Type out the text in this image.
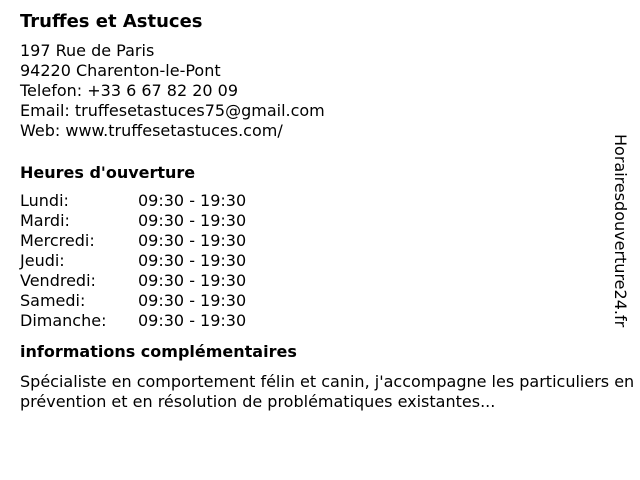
Truffes et Astuces
197 Rue de Paris
94220 Charenton-le-Pont
Telefon: +33 6 67 82 20 09
Email: truffesetastuces75@gmail.com
Web: www.truffesetastuces.com/
Heures d'ouverture
Lundi:	09:30 - 19:30
Mardi:	09:30 - 19:30
Mercredi:	09:30 - 19:30
Jeudi:	09:30 - 19:30
Vendredi:	09:30 - 19:30
Samedi:	09:30 - 19:30
Dimanche:	09:30 - 19:30
informations complémentaires

Spécialiste en comportement félin et canin, j'accompagne les particuliers en prévention et en résolution de problématiques existantes...

Horairesdouverture24.fr
